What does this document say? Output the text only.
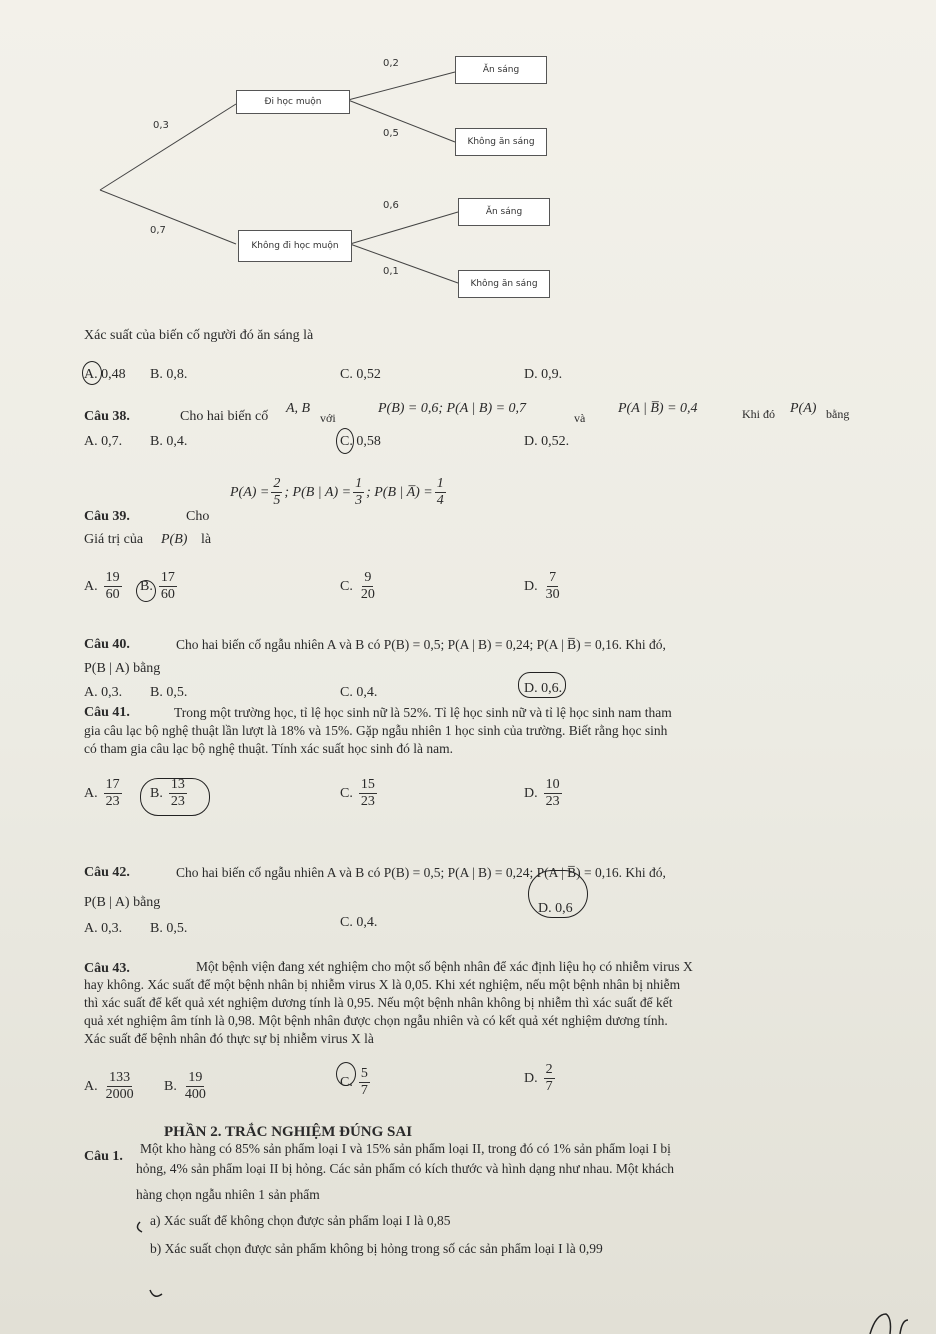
0,3
0,7
Đi học muộn
Không đi học muộn
0,2
0,5
0,6
0,1
Ăn sáng
Không ăn sáng
Ăn sáng
Không ăn sáng
Xác suất của biến cố người đó ăn sáng là
A. 0,48 B. 0,8.	C. 0,52	D. 0,9.
Câu 38.	Cho hai biến cố
A, B
với
P(B) = 0,6; P(A | B) = 0,7
và
P(A | B̅) = 0,4	Khi đó P(A) bằng
A. 0,7. B. 0,4.	C. 0,58	D. 0,52.
Câu 39.	Cho
$P(A) = \frac{2}{5}$ ; P(B | $A) = \frac{1}{3}$ ; P(B | A̅) = $\frac{1}{4}$
Giá trị của P(B) là
A. $\frac{19}{60} B$. $\frac{17}{60}$	C. $\frac{9}{20}$	D. $\frac{7}{30}$
Câu 40.	Cho hai biến cố ngẫu nhiên A và B có P(B) = 0,5; P(A | B) = 0,24; P(A | B̅) = 0,16. Khi đó,
P(B | A) bằng
A. 0,3. B. 0,5.	C. 0,4.	D. 0,6.
Câu 41.	Trong một trường học, tỉ lệ học sinh nữ là 52%. Tỉ lệ học sinh nữ và tỉ lệ học sinh nam tham
gia câu lạc bộ nghệ thuật lần lượt là 18% và 15%. Gặp ngẫu nhiên 1 học sinh của trường. Biết rằng học sinh
có tham gia câu lạc bộ nghệ thuật. Tính xác suất học sinh đó là nam.
A. $\frac{17}{23} B$. $\frac{13}{23}$	C. $\frac{15}{23}$	D. $\frac{10}{23}$
Câu 42.	Cho hai biến cố ngẫu nhiên A và B có P(B) = 0,5; P(A | B) = 0,24; P(A | B̅) = 0,16. Khi đó,
P(B | A) bằng
A. 0,3. B. 0,5.	C. 0,4.
D. 0,6
Câu 43.	Một bệnh viện đang xét nghiệm cho một số bệnh nhân để xác định liệu họ có nhiễm virus X
hay không. Xác suất để một bệnh nhân bị nhiễm virus X là 0,05. Khi xét nghiệm, nếu một bệnh nhân bị nhiễm
thì xác suất để kết quả xét nghiệm dương tính là 0,95. Nếu một bệnh nhân không bị nhiễm thì xác suất để kết
quả xét nghiệm âm tính là 0,98. Một bệnh nhân được chọn ngẫu nhiên và có kết quả xét nghiệm dương tính.
Xác suất để bệnh nhân đó thực sự bị nhiễm virus X là
A. $\frac{133}{2000} B$. $\frac{19}{400}$	C. $\frac{5}{7}$	D. $\frac{2}{7}$
PHẦN 2. TRẮC NGHIỆM ĐÚNG SAI
Câu 1.
Một kho hàng có 85% sản phẩm loại I và 15% sản phẩm loại II, trong đó có 1% sản phẩm loại I bị
hỏng, 4% sản phẩm loại II bị hỏng. Các sản phẩm có kích thước và hình dạng như nhau. Một khách
hàng chọn ngẫu nhiên 1 sản phẩm
a) Xác suất để không chọn được sản phẩm loại I là 0,85
b) Xác suất chọn được sản phẩm không bị hỏng trong số các sản phẩm loại I là 0,99
